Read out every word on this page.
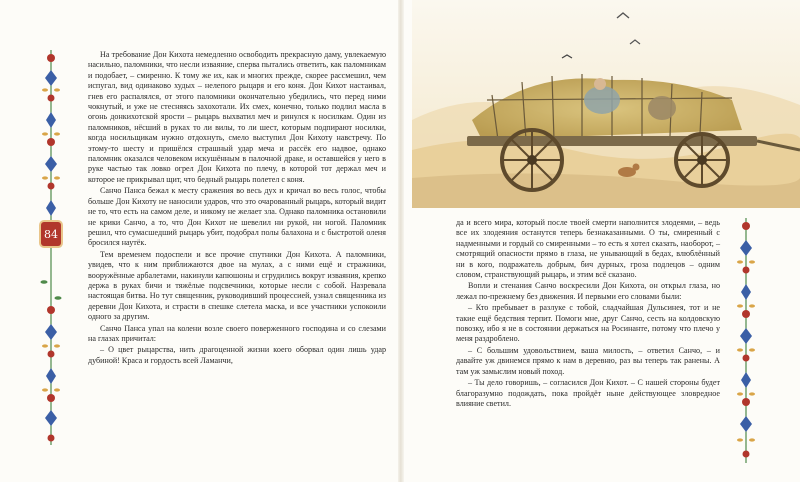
84

На требование Дон Кихота немедленно освободить прекрасную даму, увлекаемую насильно, паломники, что несли изваяние, сперва пытались ответить, как паломникам и подобает, – смиренно. К тому же их, как и многих прежде, скорее рассмешил, чем испугал, вид одинаково худых – нелепого рыцаря и его коня. Дон Кихот настаивал, гнев его распалялся, от этого паломники окончательно убедились, что перед ними чокнутый, и уже не стесняясь захохотали. Их смех, конечно, только подлил масла в огонь донкихотской ярости – рыцарь выхватил меч и ринулся к носилкам. Один из паломников, нёсший в руках то ли вилы, то ли шест, которым подпирают носилки, когда носильщикам нужно отдохнуть, смело выступил Дон Кихоту навстречу. По этому-то шесту и пришёлся страшный удар меча и рассёк его надвое, однако паломник оказался человеком искушённым в палочной драке, и оставшейся у него в руке частью так ловко огрел Дон Кихота по плечу, в которой тот держал меч и которое не прикрывал щит, что бедный рыцарь полетел с коня.

Санчо Панса бежал к месту сражения во весь дух и кричал во весь голос, чтобы больше Дон Кихоту не наносили ударов, что это очарованный рыцарь, который видит не то, что есть на самом деле, и никому не желает зла. Однако паломника остановили не крики Санчо, а то, что Дон Кихот не шевелил ни рукой, ни ногой. Паломник решил, что сумасшедший рыцарь убит, подобрал полы балахона и с быстротой оленя бросился наутёк.

Тем временем подоспели и все прочие спутники Дон Кихота. А паломники, увидев, что к ним приближаются двое на мулах, а с ними ещё и стражники, вооружённые арбалетами, накинули капюшоны и сгрудились вокруг изваяния, крепко держа в руках бичи и тяжёлые подсвечники, которые несли с собой. Назревала настоящая битва. Но тут священник, руководивший процессией, узнал священника из деревни Дон Кихота, и страсти в спешке слетела маска, и все участники успокоили одного за другим.

Санчо Панса упал на колени возле своего поверженного господина и со слезами на глазах причитал:

– О цвет рыцарства, нить драгоценной жизни коего оборвал один лишь удар дубиной! Краса и гордость всей Ламанчи,

да и всего мира, который после твоей смерти наполнится злодеями, – ведь все их злодеяния останутся теперь безнаказанными. О ты, смиренный с надменными и гордый со смиренными – то есть я хотел сказать, наоборот, – смотрящий опасности прямо в глаза, не унывающий в бедах, влюблённый ни в кого, подражатель добрым, бич дурных, гроза подлецов – одним словом, странствующий рыцарь, и этим всё сказано.

Вопли и стенания Санчо воскресили Дон Кихота, он открыл глаза, но лежал по-прежнему без движения. И первыми его словами были:

– Кто пребывает в разлуке с тобой, сладчайшая Дульсинея, тот и не такие ещё бедствия терпит. Помоги мне, друг Санчо, сесть на колдовскую повозку, ибо я не в состоянии держаться на Росинанте, потому что плечо у меня раздроблено.

– С большим удовольствием, ваша милость, – ответил Санчо, – и давайте уж двинемся прямо к нам в деревню, раз вы теперь так ранены. А там уж замыслим новый поход.

– Ты дело говоришь, – согласился Дон Кихот. – С нашей стороны будет благоразумно подождать, пока пройдёт ныне действующее зловредное влияние светил.
